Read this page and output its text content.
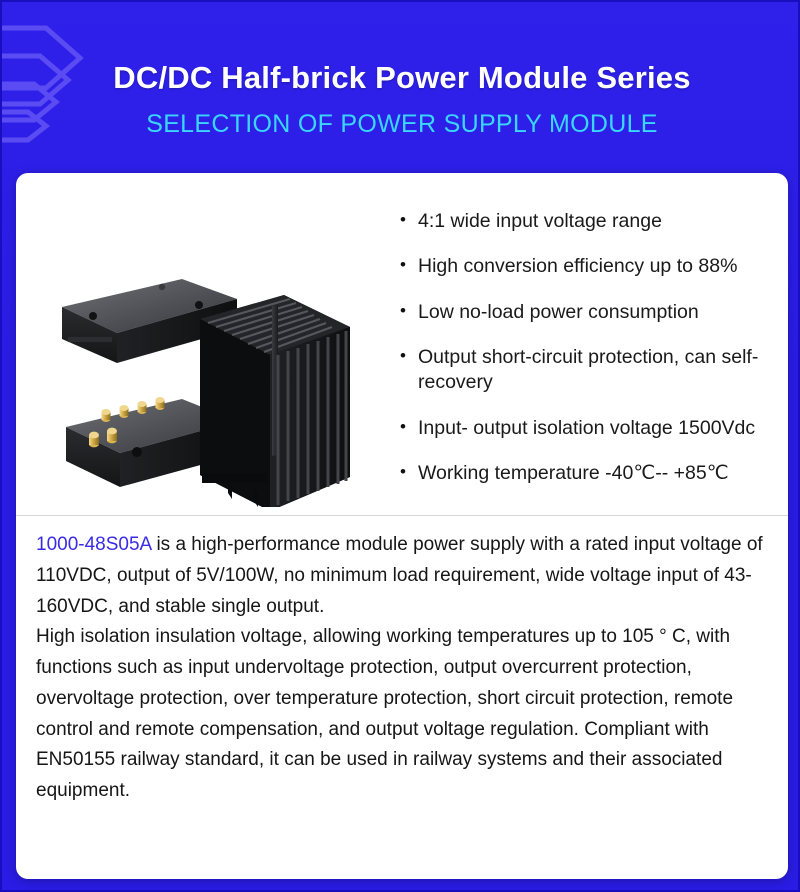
DC/DC Half-brick Power Module Series
SELECTION OF POWER SUPPLY MODULE
• 4:1 wide input voltage range
• High conversion efficiency up to 88%
• Low no-load power consumption
• Output short-circuit protection, can self-recovery
• Input- output isolation voltage 1500Vdc
• Working temperature -40℃-- +85℃

1000-48S05A is a high-performance module power supply with a rated input voltage of 110VDC, output of 5V/100W, no minimum load requirement, wide voltage input of 43-160VDC, and stable single output.

High isolation insulation voltage, allowing working temperatures up to 105 ° C, with functions such as input undervoltage protection, output overcurrent protection, overvoltage protection, over temperature protection, short circuit protection, remote control and remote compensation, and output voltage regulation. Compliant with EN50155 railway standard, it can be used in railway systems and their associated equipment.
